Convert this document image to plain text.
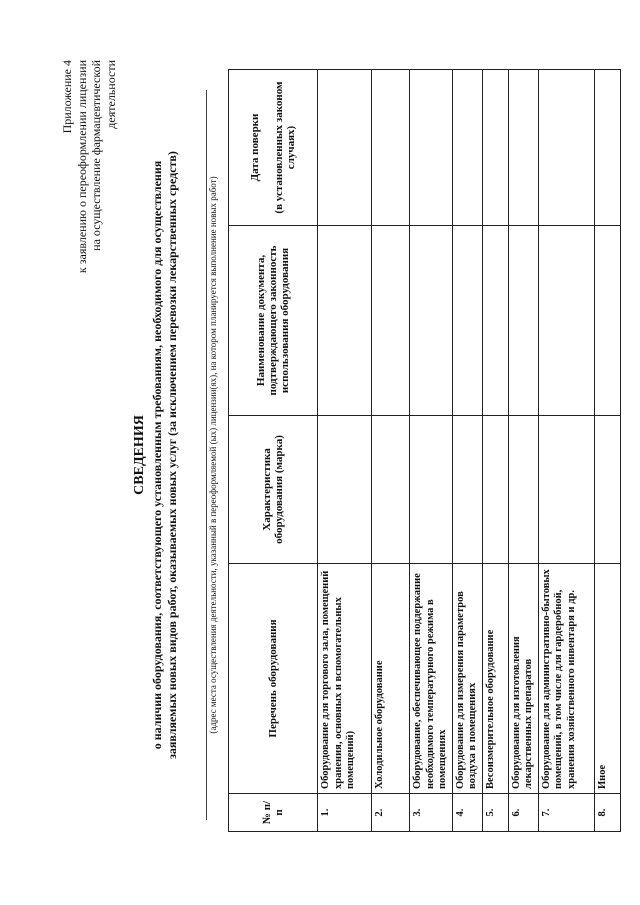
Приложение 4 к заявлению о переоформлении лицензии на осуществление фармацевтической деятельности
СВЕДЕНИЯ о наличии оборудования, соответствующего установленным требованиям, необходимого для осуществления заявляемых новых видов работ, оказываемых новых услуг (за исключением перевозки лекарственных средств)	(адрес места осуществления деятельности, указанный в переоформляемой (ых) лицензии(ях), на котором планируется выполнение новых работ)
№ п/п	Перечень оборудования	Характеристика оборудования (марка)	Наименование документа, подтверждающего законность использования оборудования	Дата поверки (в установленных законом случаях)

1.	Оборудование для торгового зала, помещений хранения, основных и вспомогательных помещений)			
2.	Холодильное оборудование			
3.	Оборудование, обеспечивающее поддержание необходимого температурного режима в помещениях			
4.	Оборудование для измерения параметров воздуха в помещениях			
5.	Весоизмерительное оборудование			
6.	Оборудование для изготовления лекарственных препаратов			
7.	Оборудование для административно-бытовых помещений, в том числе для гардеробной, хранения хозяйственного инвентаря и др.			
8.	Иное			
